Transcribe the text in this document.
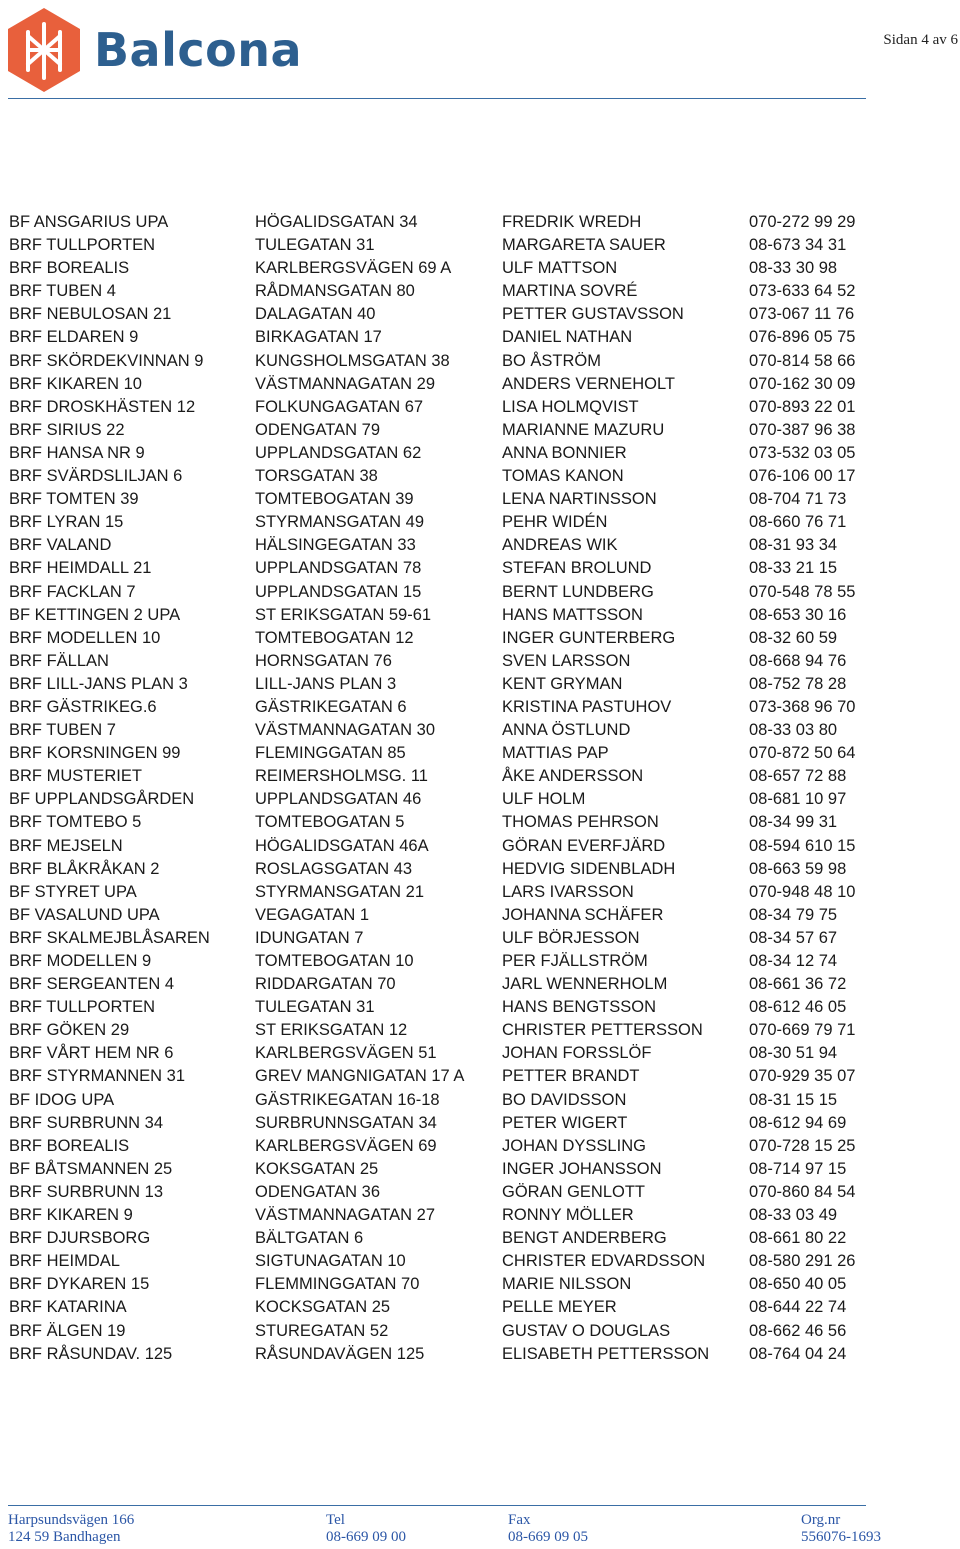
Balcona	Sidan 4 av 6
BF ANSGARIUS UPA	HÖGALIDSGATAN 34	FREDRIK WREDH	070-272 99 29
BRF TULLPORTEN	TULEGATAN 31	MARGARETA SAUER	08-673 34 31
BRF BOREALIS	KARLBERGSVÄGEN 69 A	ULF MATTSON	08-33 30 98
BRF TUBEN 4	RÅDMANSGATAN 80	MARTINA SOVRÉ	073-633 64 52
BRF NEBULOSAN 21	DALAGATAN 40	PETTER GUSTAVSSON	073-067 11 76
BRF ELDAREN 9	BIRKAGATAN 17	DANIEL NATHAN	076-896 05 75
BRF SKÖRDEKVINNAN 9	KUNGSHOLMSGATAN 38	BO ÅSTRÖM	070-814 58 66
BRF KIKAREN 10	VÄSTMANNAGATAN 29	ANDERS VERNEHOLT	070-162 30 09
BRF DROSKHÄSTEN 12	FOLKUNGAGATAN 67	LISA HOLMQVIST	070-893 22 01
BRF SIRIUS 22	ODENGATAN 79	MARIANNE MAZURU	070-387 96 38
BRF HANSA NR 9	UPPLANDSGATAN 62	ANNA BONNIER	073-532 03 05
BRF SVÄRDSLILJAN 6	TORSGATAN 38	TOMAS KANON	076-106 00 17
BRF TOMTEN 39	TOMTEBOGATAN 39	LENA NARTINSSON	08-704 71 73
BRF LYRAN 15	STYRMANSGATAN 49	PEHR WIDÉN	08-660 76 71
BRF VALAND	HÄLSINGEGATAN 33	ANDREAS WIK	08-31 93 34
BRF HEIMDALL 21	UPPLANDSGATAN 78	STEFAN BROLUND	08-33 21 15
BRF FACKLAN 7	UPPLANDSGATAN 15	BERNT LUNDBERG	070-548 78 55
BF KETTINGEN 2 UPA	ST ERIKSGATAN 59-61	HANS MATTSSON	08-653 30 16
BRF MODELLEN 10	TOMTEBOGATAN 12	INGER GUNTERBERG	08-32 60 59
BRF FÄLLAN	HORNSGATAN 76	SVEN LARSSON	08-668 94 76
BRF LILL-JANS PLAN 3	LILL-JANS PLAN 3	KENT GRYMAN	08-752 78 28
BRF GÄSTRIKEG.6	GÄSTRIKEGATAN 6	KRISTINA PASTUHOV	073-368 96 70
BRF TUBEN 7	VÄSTMANNAGATAN 30	ANNA ÖSTLUND	08-33 03 80
BRF KORSNINGEN 99	FLEMINGGATAN 85	MATTIAS PAP	070-872 50 64
BRF MUSTERIET	REIMERSHOLMSG. 11	ÅKE ANDERSSON	08-657 72 88
BF UPPLANDSGÅRDEN	UPPLANDSGATAN 46	ULF HOLM	08-681 10 97
BRF TOMTEBO 5	TOMTEBOGATAN 5	THOMAS PEHRSON	08-34 99 31
BRF MEJSELN	HÖGALIDSGATAN 46A	GÖRAN EVERFJÄRD	08-594 610 15
BRF BLÅKRÅKAN 2	ROSLAGSGATAN 43	HEDVIG SIDENBLADH	08-663 59 98
BF STYRET UPA	STYRMANSGATAN 21	LARS IVARSSON	070-948 48 10
BF VASALUND UPA	VEGAGATAN 1	JOHANNA SCHÄFER	08-34 79 75
BRF SKALMEJBLÅSAREN	IDUNGATAN 7	ULF BÖRJESSON	08-34 57 67
BRF MODELLEN 9	TOMTEBOGATAN 10	PER FJÄLLSTRÖM	08-34 12 74
BRF SERGEANTEN 4	RIDDARGATAN 70	JARL WENNERHOLM	08-661 36 72
BRF TULLPORTEN	TULEGATAN 31	HANS BENGTSSON	08-612 46 05
BRF GÖKEN 29	ST ERIKSGATAN 12	CHRISTER PETTERSSON	070-669 79 71
BRF VÅRT HEM NR 6	KARLBERGSVÄGEN 51	JOHAN FORSSLÖF	08-30 51 94
BRF STYRMANNEN 31	GREV MANGNIGATAN 17 A	PETTER BRANDT	070-929 35 07
BF IDOG UPA	GÄSTRIKEGATAN 16-18	BO DAVIDSSON	08-31 15 15
BRF SURBRUNN 34	SURBRUNNSGATAN 34	PETER WIGERT	08-612 94 69
BRF BOREALIS	KARLBERGSVÄGEN 69	JOHAN DYSSLING	070-728 15 25
BF BÅTSMANNEN 25	KOKSGATAN 25	INGER JOHANSSON	08-714 97 15
BRF SURBRUNN 13	ODENGATAN 36	GÖRAN GENLOTT	070-860 84 54
BRF KIKAREN 9	VÄSTMANNAGATAN 27	RONNY MÖLLER	08-33 03 49
BRF DJURSBORG	BÄLTGATAN 6	BENGT ANDERBERG	08-661 80 22
BRF HEIMDAL	SIGTUNAGATAN 10	CHRISTER EDVARDSSON	08-580 291 26
BRF DYKAREN 15	FLEMMINGGATAN 70	MARIE NILSSON	08-650 40 05
BRF KATARINA	KOCKSGATAN 25	PELLE MEYER	08-644 22 74
BRF ÄLGEN 19	STUREGATAN 52	GUSTAV O DOUGLAS	08-662 46 56
BRF RÅSUNDAV. 125	RÅSUNDAVÄGEN 125	ELISABETH PETTERSSON	08-764 04 24
Harpsundsvägen 166
124 59 Bandhagen
Tel
08-669 09 00
Fax
08-669 09 05
Org.nr
556076-1693
